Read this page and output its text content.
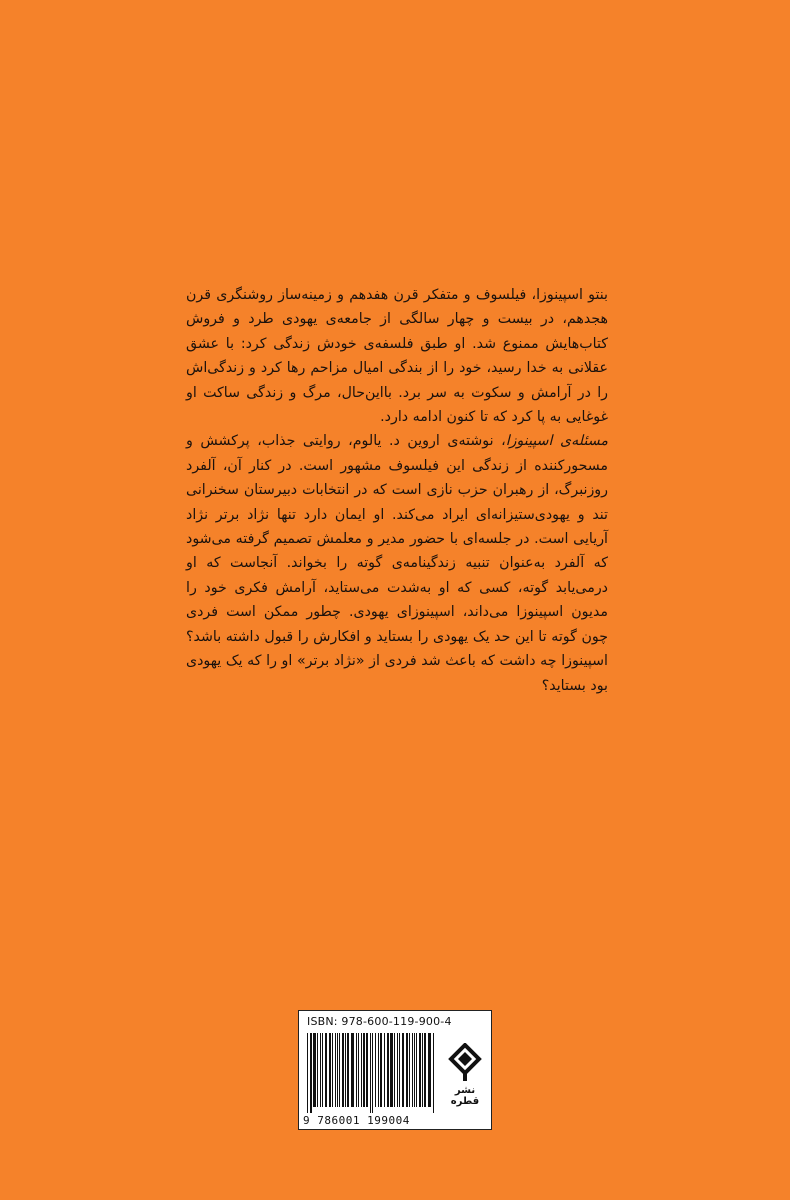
بنتو اسپینوزا، فیلسوف و متفکر قرن هفدهم و زمینه‌ساز روشنگری قرن هجدهم، در بیست و چهار سالگی از جامعه‌ی یهودی طرد و فروش کتاب‌هایش ممنوع شد. او طبق فلسفه‌ی خودش زندگی کرد: با عشق عقلانی به خدا رسید، خود را از بندگی امیال مزاحم رها کرد و زندگی‌اش را در آرامش و سکوت به سر برد. با‌این‌حال، مرگ و زندگی ساکت او غوغایی به پا کرد که تا کنون ادامه دارد.

مسئله‌ی اسپینوزا، نوشته‌ی اروین د. یالوم، روایتی جذاب، پرکشش و مسحورکننده از زندگی این فیلسوف مشهور است. در کنار آن، آلفرد روزنبرگ، از رهبران حزب نازی است که در انتخابات دبیرستان سخنرانی تند و یهودی‌ستیزانه‌ای ایراد می‌کند. او ایمان دارد تنها نژاد برتر نژاد آریایی است. در جلسه‌ای با حضور مدیر و معلمش تصمیم گرفته می‌شود که آلفرد به‌عنوان تنبیه زندگینامه‌ی گوته را بخواند. آنجاست که او درمی‌یابد گوته، کسی که او به‌شدت می‌ستاید، آرامش فکری خود را مدیون اسپینوزا می‌داند، اسپینوزای یهودی. چطور ممکن است فردی چون گوته تا این حد یک یهودی را بستاید و افکارش را قبول داشته باشد؟ اسپینوزا چه داشت که باعث شد فردی از «نژاد برتر» او را که یک یهودی بود بستاید؟

ISBN: 978-600-119-900-4
9 786001 199004
نشر قطره
